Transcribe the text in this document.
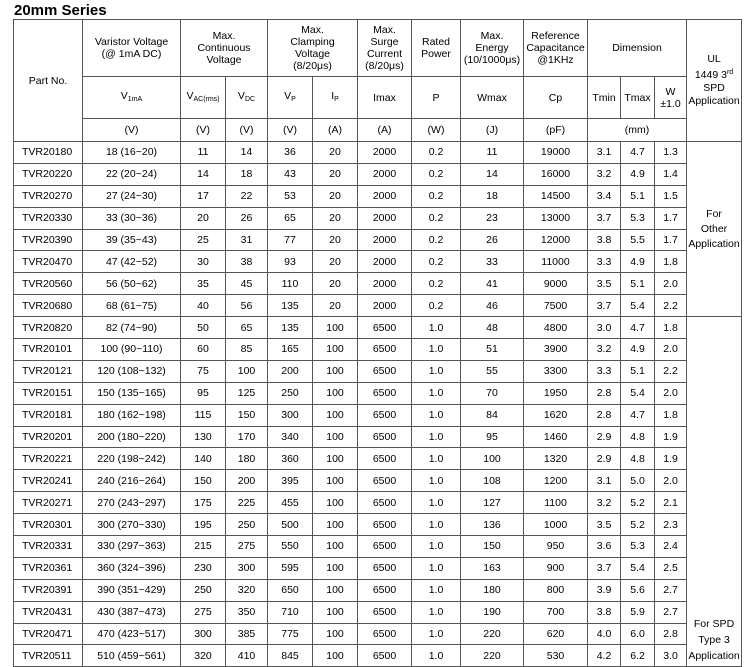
20mm Series
Part No.	Varistor Voltage (@ 1mA DC)	Max. Continuous Voltage		Max. Clamping Voltage (8/20μs)		Max. Surge Current (8/20μs)	Rated Power	Max. Energy (10/1000μs)	Reference Capacitance @1KHz	Dimension			UL
1449 3rd
SPD
Application
	$V_{1mA}$	$V_{AC(rms)}$	$V_{DC}$	$V_P$	$I_P$	Imax	P	Wmax	Cp	Tmin	Tmax	W
±1.0	
	(V)	(V)	(V)	(V)	(A)	(A)	(W)	(J)	(pF)	(mm)			
TVR20180	18 (16~20)	11	14	36	20	2000	0.2	11	19000	3.1	4.7	1.3	For
Other
Application
TVR20220	22 (20~24)	14	18	43	20	2000	0.2	14	16000	3.2	4.9	1.4	
TVR20270	27 (24~30)	17	22	53	20	2000	0.2	18	14500	3.4	5.1	1.5	
TVR20330	33 (30~36)	20	26	65	20	2000	0.2	23	13000	3.7	5.3	1.7	
TVR20390	39 (35~43)	25	31	77	20	2000	0.2	26	12000	3.8	5.5	1.7	
TVR20470	47 (42~52)	30	38	93	20	2000	0.2	33	11000	3.3	4.9	1.8	
TVR20560	56 (50~62)	35	45	110	20	2000	0.2	41	9000	3.5	5.1	2.0	
TVR20680	68 (61~75)	40	56	135	20	2000	0.2	46	7500	3.7	5.4	2.2	
TVR20820	82 (74~90)	50	65	135	100	6500	1.0	48	4800	3.0	4.7	1.8	For SPD
Type 3
Application
TVR20101	100 (90~110)	60	85	165	100	6500	1.0	51	3900	3.2	4.9	2.0	
TVR20121	120 (108~132)	75	100	200	100	6500	1.0	55	3300	3.3	5.1	2.2	
TVR20151	150 (135~165)	95	125	250	100	6500	1.0	70	1950	2.8	5.4	2.0	
TVR20181	180 (162~198)	115	150	300	100	6500	1.0	84	1620	2.8	4.7	1.8	
TVR20201	200 (180~220)	130	170	340	100	6500	1.0	95	1460	2.9	4.8	1.9	
TVR20221	220 (198~242)	140	180	360	100	6500	1.0	100	1320	2.9	4.8	1.9	
TVR20241	240 (216~264)	150	200	395	100	6500	1.0	108	1200	3.1	5.0	2.0	
TVR20271	270 (243~297)	175	225	455	100	6500	1.0	127	1100	3.2	5.2	2.1	
TVR20301	300 (270~330)	195	250	500	100	6500	1.0	136	1000	3.5	5.2	2.3	
TVR20331	330 (297~363)	215	275	550	100	6500	1.0	150	950	3.6	5.3	2.4	
TVR20361	360 (324~396)	230	300	595	100	6500	1.0	163	900	3.7	5.4	2.5	
TVR20391	390 (351~429)	250	320	650	100	6500	1.0	180	800	3.9	5.6	2.7	
TVR20431	430 (387~473)	275	350	710	100	6500	1.0	190	700	3.8	5.9	2.7	
TVR20471	470 (423~517)	300	385	775	100	6500	1.0	220	620	4.0	6.0	2.8	
TVR20511	510 (459~561)	320	410	845	100	6500	1.0	220	530	4.2	6.2	3.0	
